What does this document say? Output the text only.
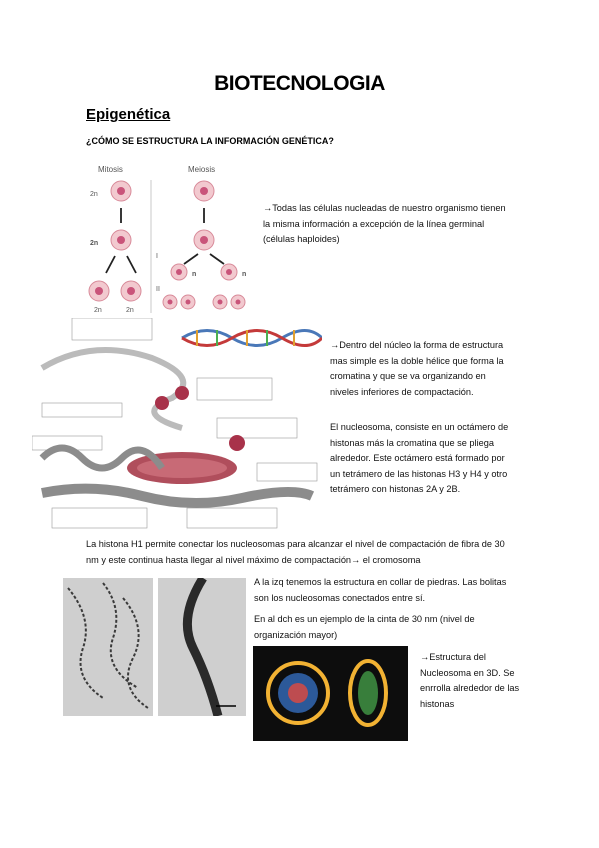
BIOTECNOLOGIA
Epigenética
¿CÓMO SE ESTRUCTURA LA INFORMACIÓN GENÉTICA?
Mitosis	Meiosis
2n
2n
2n	2n
I
n	n
II
→Todas las células nucleadas de nuestro organismo tienen la misma información a excepción de la línea germinal (células haploides)
→Dentro del núcleo la forma de estructura mas simple es la doble hélice que forma la cromatina y que se va organizando en niveles inferiores de compactación.
El nucleosoma, consiste en un octámero de histonas más la cromatina que se pliega alrededor. Este octámero está formado por un tetrámero de las histonas H3 y H4 y otro tetrámero con histonas 2A y 2B.
La histona H1 permite conectar los nucleosomas para alcanzar el nivel de compactación de fibra de 30 nm y este continua hasta llegar al nivel máximo de compactación→ el cromosoma
A la izq tenemos la estructura en collar de piedras. Las bolitas son los nucleosomas conectados entre sí.
En al dch es un ejemplo de la cinta de 30 nm (nivel de organización mayor)
→Estructura del Nucleosoma en 3D. Se enrrolla alrededor de las histonas
